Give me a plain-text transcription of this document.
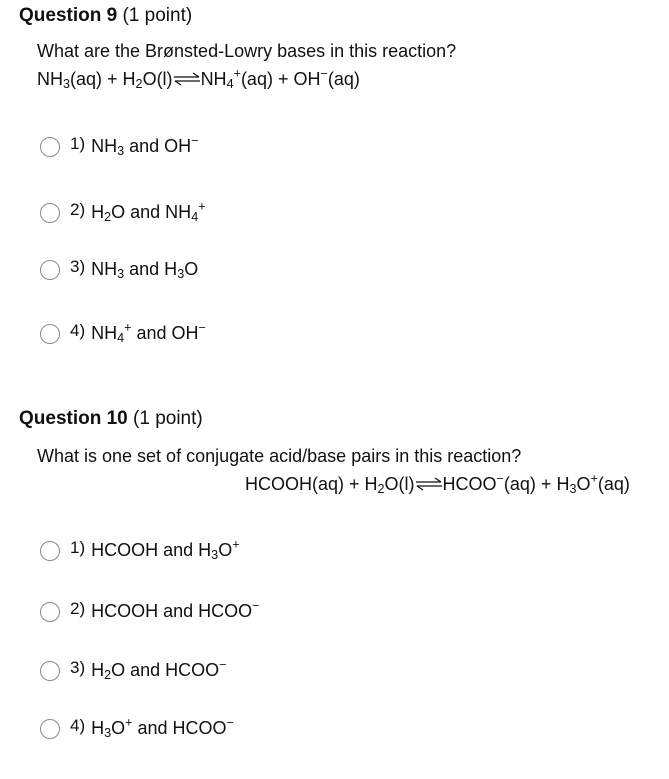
Question 9 (1 point)
What are the Brønsted-Lowry bases in this reaction?
$NH_3(aq)$ + $H_2O(l)\rightleftharpoons NH_4^+(aq) + OH^-(aq)$
1) $NH_3$ and OH−
2) $H_2O$ and $NH_4^+$
3) $NH_3$ and $H_3O$
4) $NH_4^+$ and OH−
Question 10 (1 point)
What is one set of conjugate acid/base pairs in this reaction?
HCOOH(aq) + $H_2O(l)\rightleftharpoons HCOO^-(aq) + H_3O^+(aq)$
1) HCOOH and $H_3O^+$
2) HCOOH and HCOO−
3) $H_2O$ and HCOO−
4) $H_3O^+$ and HCOO−
